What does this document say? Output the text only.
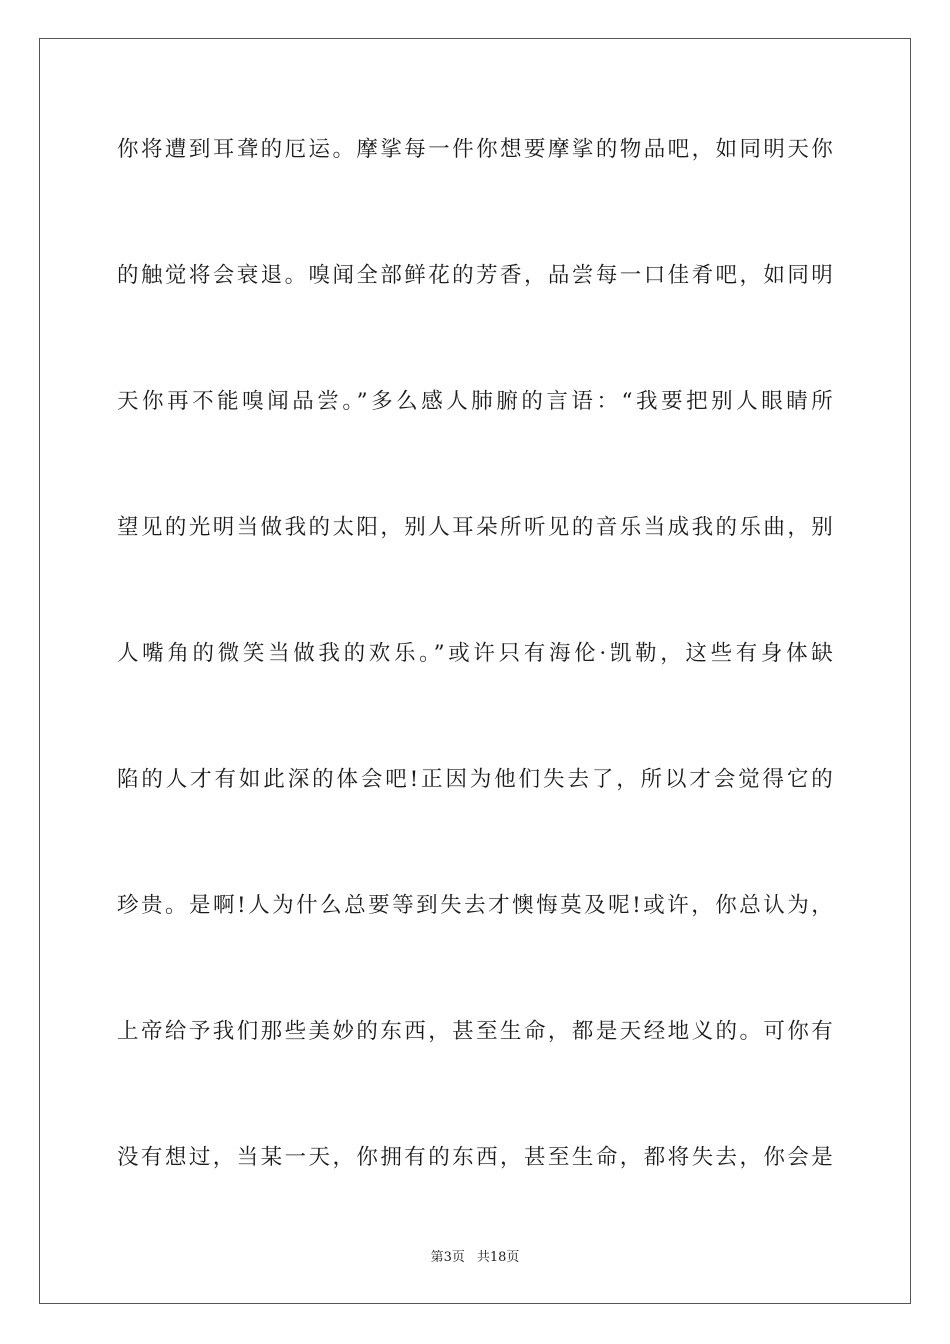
你将遭到耳聋的厄运。摩挲每一件你想要摩挲的物品吧，如同明天你
的触觉将会衰退。嗅闻全部鲜花的芳香，品尝每一口佳肴吧，如同明
天你再不能嗅闻品尝。”多么感人肺腑的言语：“我要把别人眼睛所
望见的光明当做我的太阳，别人耳朵所听见的音乐当成我的乐曲，别
人嘴角的微笑当做我的欢乐。”或许只有海伦·凯勒，这些有身体缺
陷的人才有如此深的体会吧!正因为他们失去了，所以才会觉得它的
珍贵。是啊!人为什么总要等到失去才懊悔莫及呢!或许，你总认为，
上帝给予我们那些美妙的东西，甚至生命，都是天经地义的。可你有
没有想过，当某一天，你拥有的东西，甚至生命，都将失去，你会是
第3页 共18页
